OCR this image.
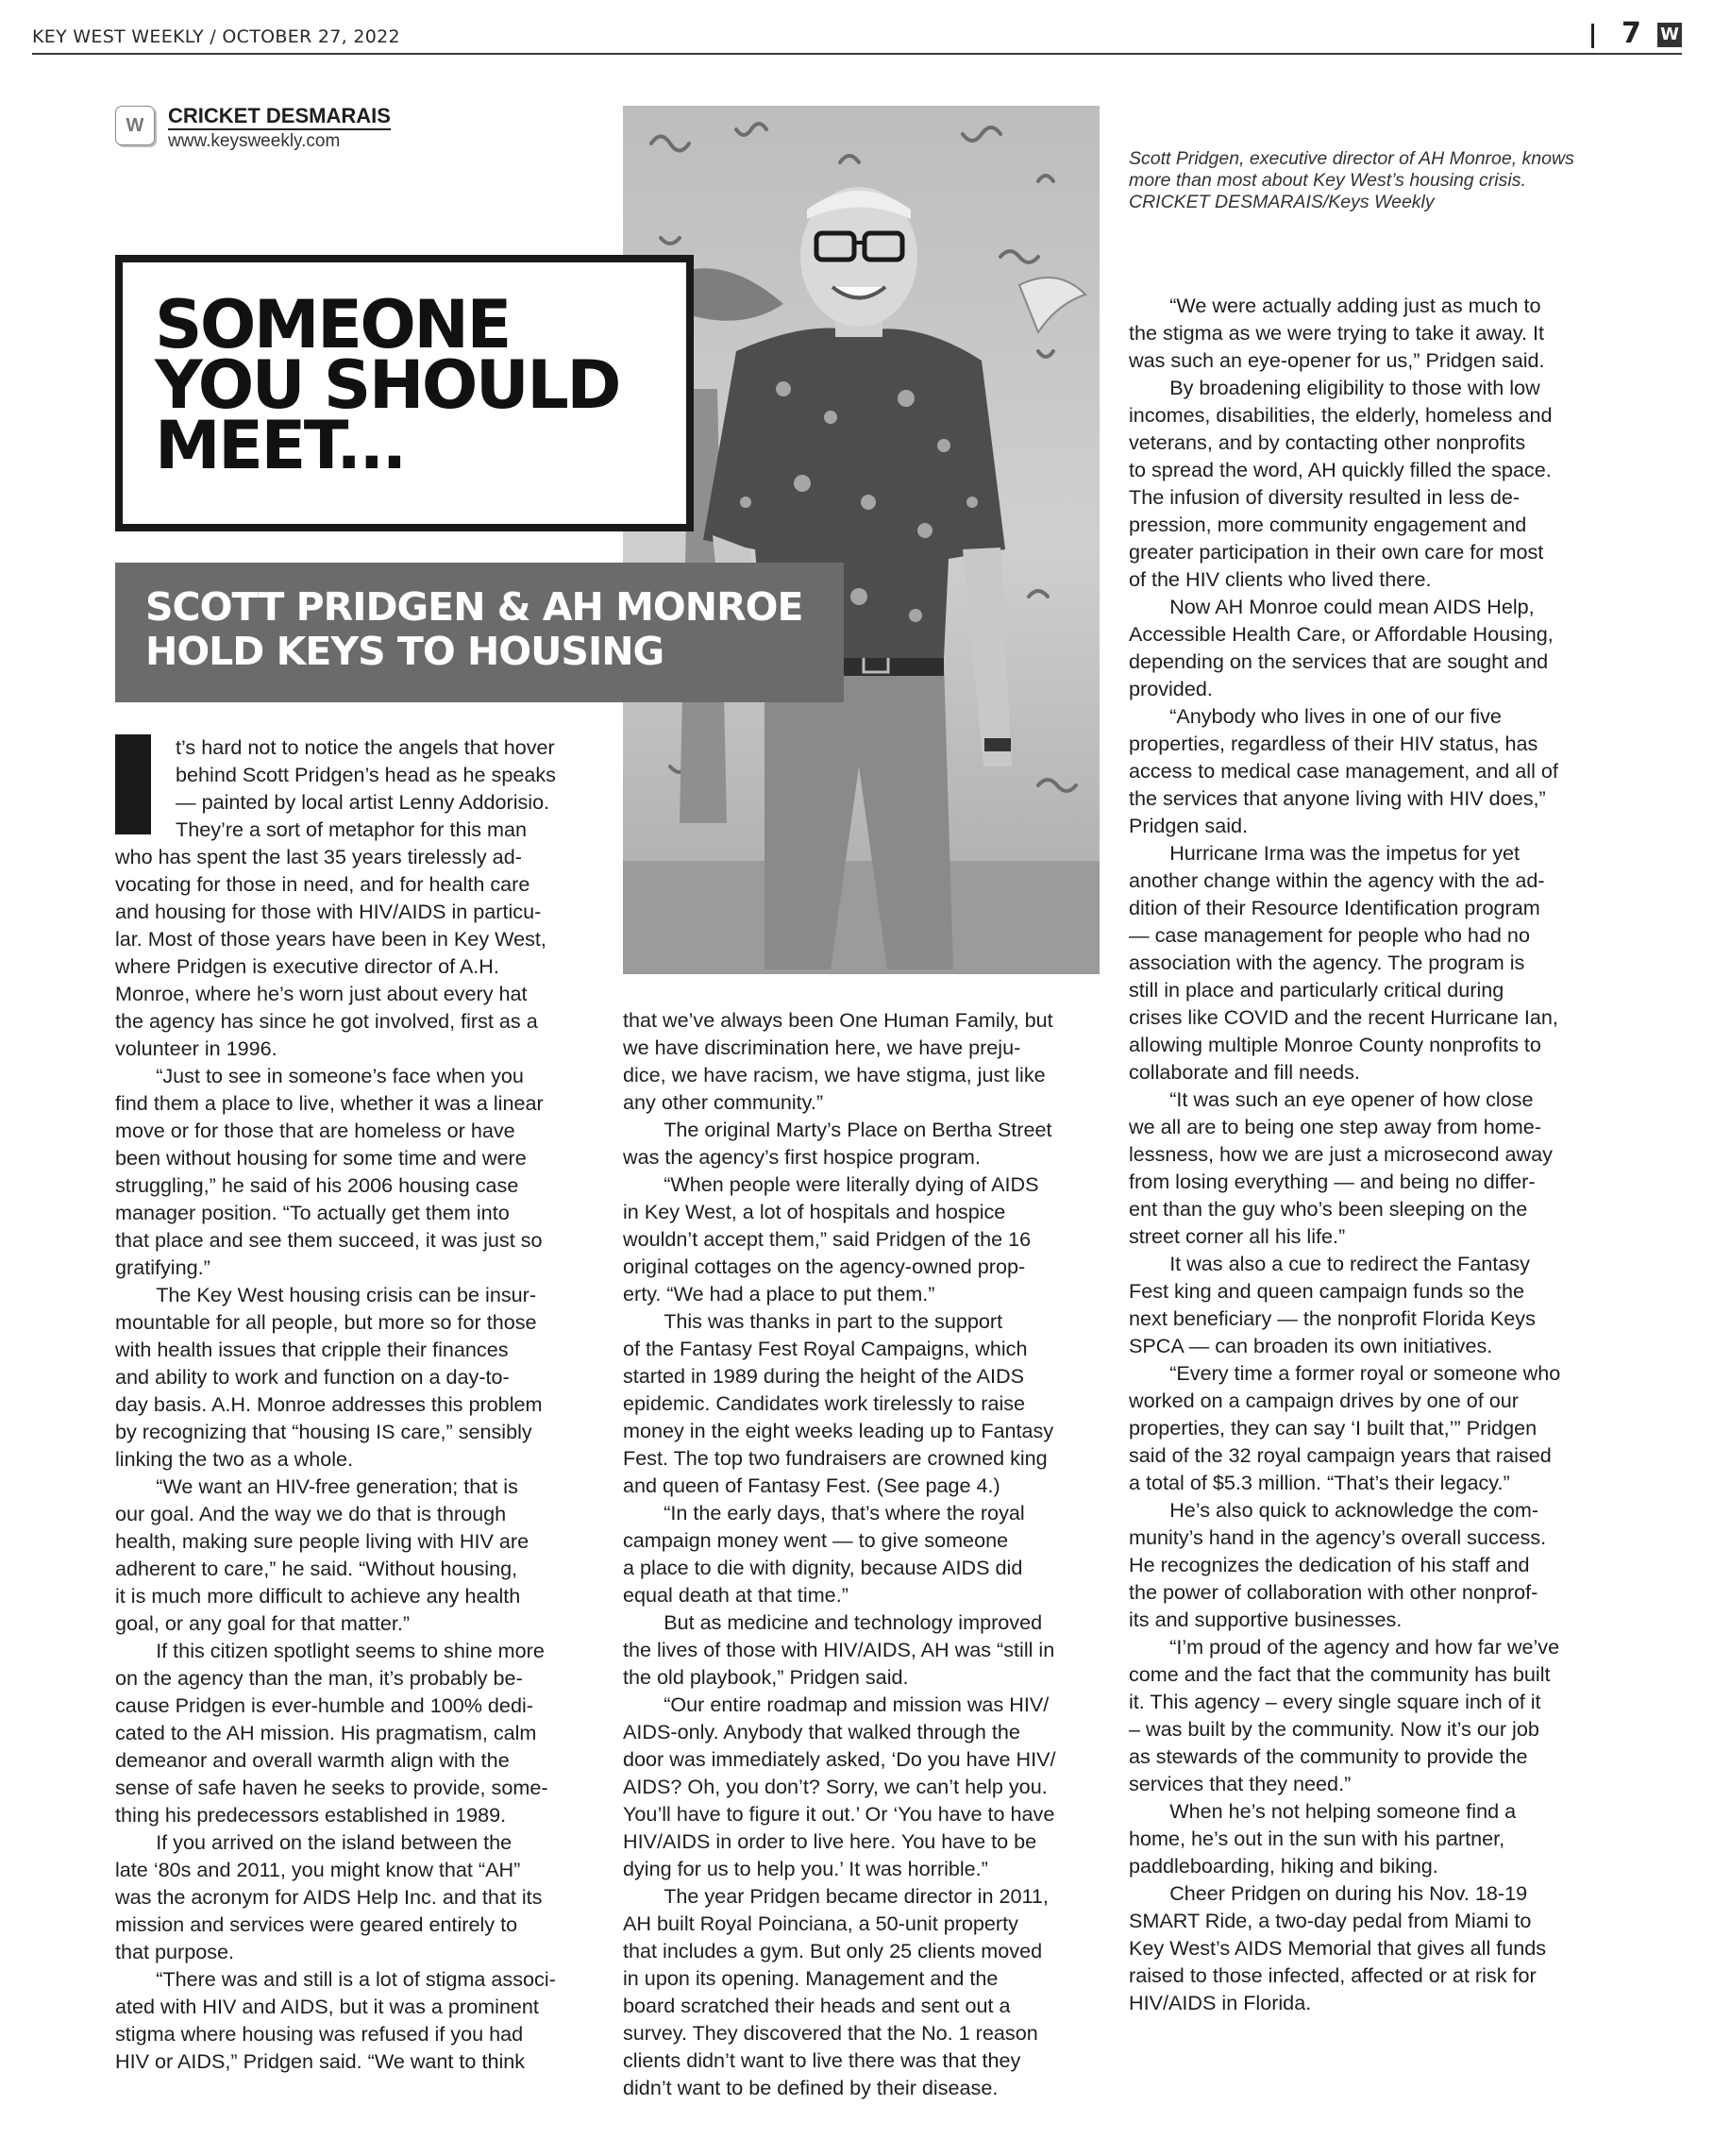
KEY WEST WEEKLY / OCTOBER 27, 2022	7 W
W	CRICKET DESMARAIS
www.keysweekly.com
SOMEONE
YOU SHOULD
MEET...
SCOTT PRIDGEN & AH MONROE
HOLD KEYS TO HOUSING
Scott Pridgen, executive director of AH Monroe, knows more than most about Key West’s housing crisis. CRICKET DESMARAIS/Keys Weekly
t’s hard not to notice the angels that hover
behind Scott Pridgen’s head as he speaks
— painted by local artist Lenny Addorisio.
They’re a sort of metaphor for this man
who has spent the last 35 years tirelessly ad-
vocating for those in need, and for health care
and housing for those with HIV/AIDS in particu-
lar. Most of those years have been in Key West,
where Pridgen is executive director of A.H.
Monroe, where he’s worn just about every hat
the agency has since he got involved, first as a
volunteer in 1996.
  “Just to see in someone’s face when you
find them a place to live, whether it was a linear
move or for those that are homeless or have
been without housing for some time and were
struggling,” he said of his 2006 housing case
manager position. “To actually get them into
that place and see them succeed, it was just so
gratifying.”
  The Key West housing crisis can be insur-
mountable for all people, but more so for those
with health issues that cripple their finances
and ability to work and function on a day-to-
day basis. A.H. Monroe addresses this problem
by recognizing that “housing IS care,” sensibly
linking the two as a whole.
  “We want an HIV-free generation; that is
our goal. And the way we do that is through
health, making sure people living with HIV are
adherent to care,” he said. “Without housing,
it is much more difficult to achieve any health
goal, or any goal for that matter.”
  If this citizen spotlight seems to shine more
on the agency than the man, it’s probably be-
cause Pridgen is ever-humble and 100% dedi-
cated to the AH mission. His pragmatism, calm
demeanor and overall warmth align with the
sense of safe haven he seeks to provide, some-
thing his predecessors established in 1989.
  If you arrived on the island between the
late ‘80s and 2011, you might know that “AH”
was the acronym for AIDS Help Inc. and that its
mission and services were geared entirely to
that purpose.
  “There was and still is a lot of stigma associ-
ated with HIV and AIDS, but it was a prominent
stigma where housing was refused if you had
HIV or AIDS,” Pridgen said. “We want to think
that we’ve always been One Human Family, but
we have discrimination here, we have preju-
dice, we have racism, we have stigma, just like
any other community.”
  The original Marty’s Place on Bertha Street
was the agency’s first hospice program.
  “When people were literally dying of AIDS
in Key West, a lot of hospitals and hospice
wouldn’t accept them,” said Pridgen of the 16
original cottages on the agency-owned prop-
erty. “We had a place to put them.”
  This was thanks in part to the support
of the Fantasy Fest Royal Campaigns, which
started in 1989 during the height of the AIDS
epidemic. Candidates work tirelessly to raise
money in the eight weeks leading up to Fantasy
Fest. The top two fundraisers are crowned king
and queen of Fantasy Fest. (See page 4.)
  “In the early days, that’s where the royal
campaign money went — to give someone
a place to die with dignity, because AIDS did
equal death at that time.”
  But as medicine and technology improved
the lives of those with HIV/AIDS, AH was “still in
the old playbook,” Pridgen said.
  “Our entire roadmap and mission was HIV/
AIDS-only. Anybody that walked through the
door was immediately asked, ‘Do you have HIV/
AIDS? Oh, you don’t? Sorry, we can’t help you.
You’ll have to figure it out.’ Or ‘You have to have
HIV/AIDS in order to live here. You have to be
dying for us to help you.’ It was horrible.”
  The year Pridgen became director in 2011,
AH built Royal Poinciana, a 50-unit property
that includes a gym. But only 25 clients moved
in upon its opening. Management and the
board scratched their heads and sent out a
survey. They discovered that the No. 1 reason
clients didn’t want to live there was that they
didn’t want to be defined by their disease.
  “We were actually adding just as much to
the stigma as we were trying to take it away. It
was such an eye-opener for us,” Pridgen said.
  By broadening eligibility to those with low
incomes, disabilities, the elderly, homeless and
veterans, and by contacting other nonprofits
to spread the word, AH quickly filled the space.
The infusion of diversity resulted in less de-
pression, more community engagement and
greater participation in their own care for most
of the HIV clients who lived there.
  Now AH Monroe could mean AIDS Help,
Accessible Health Care, or Affordable Housing,
depending on the services that are sought and
provided.
  “Anybody who lives in one of our five
properties, regardless of their HIV status, has
access to medical case management, and all of
the services that anyone living with HIV does,”
Pridgen said.
  Hurricane Irma was the impetus for yet
another change within the agency with the ad-
dition of their Resource Identification program
— case management for people who had no
association with the agency. The program is
still in place and particularly critical during
crises like COVID and the recent Hurricane Ian,
allowing multiple Monroe County nonprofits to
collaborate and fill needs.
  “It was such an eye opener of how close
we all are to being one step away from home-
lessness, how we are just a microsecond away
from losing everything — and being no differ-
ent than the guy who’s been sleeping on the
street corner all his life.”
  It was also a cue to redirect the Fantasy
Fest king and queen campaign funds so the
next beneficiary — the nonprofit Florida Keys
SPCA — can broaden its own initiatives.
  “Every time a former royal or someone who
worked on a campaign drives by one of our
properties, they can say ‘I built that,’” Pridgen
said of the 32 royal campaign years that raised
a total of $5.3 million. “That’s their legacy.”
  He’s also quick to acknowledge the com-
munity’s hand in the agency’s overall success.
He recognizes the dedication of his staff and
the power of collaboration with other nonprof-
its and supportive businesses.
  “I’m proud of the agency and how far we’ve
come and the fact that the community has built
it. This agency – every single square inch of it
– was built by the community. Now it’s our job
as stewards of the community to provide the
services that they need.”
  When he’s not helping someone find a
home, he’s out in the sun with his partner,
paddleboarding, hiking and biking.
  Cheer Pridgen on during his Nov. 18-19
SMART Ride, a two-day pedal from Miami to
Key West’s AIDS Memorial that gives all funds
raised to those infected, affected or at risk for
HIV/AIDS in Florida.
